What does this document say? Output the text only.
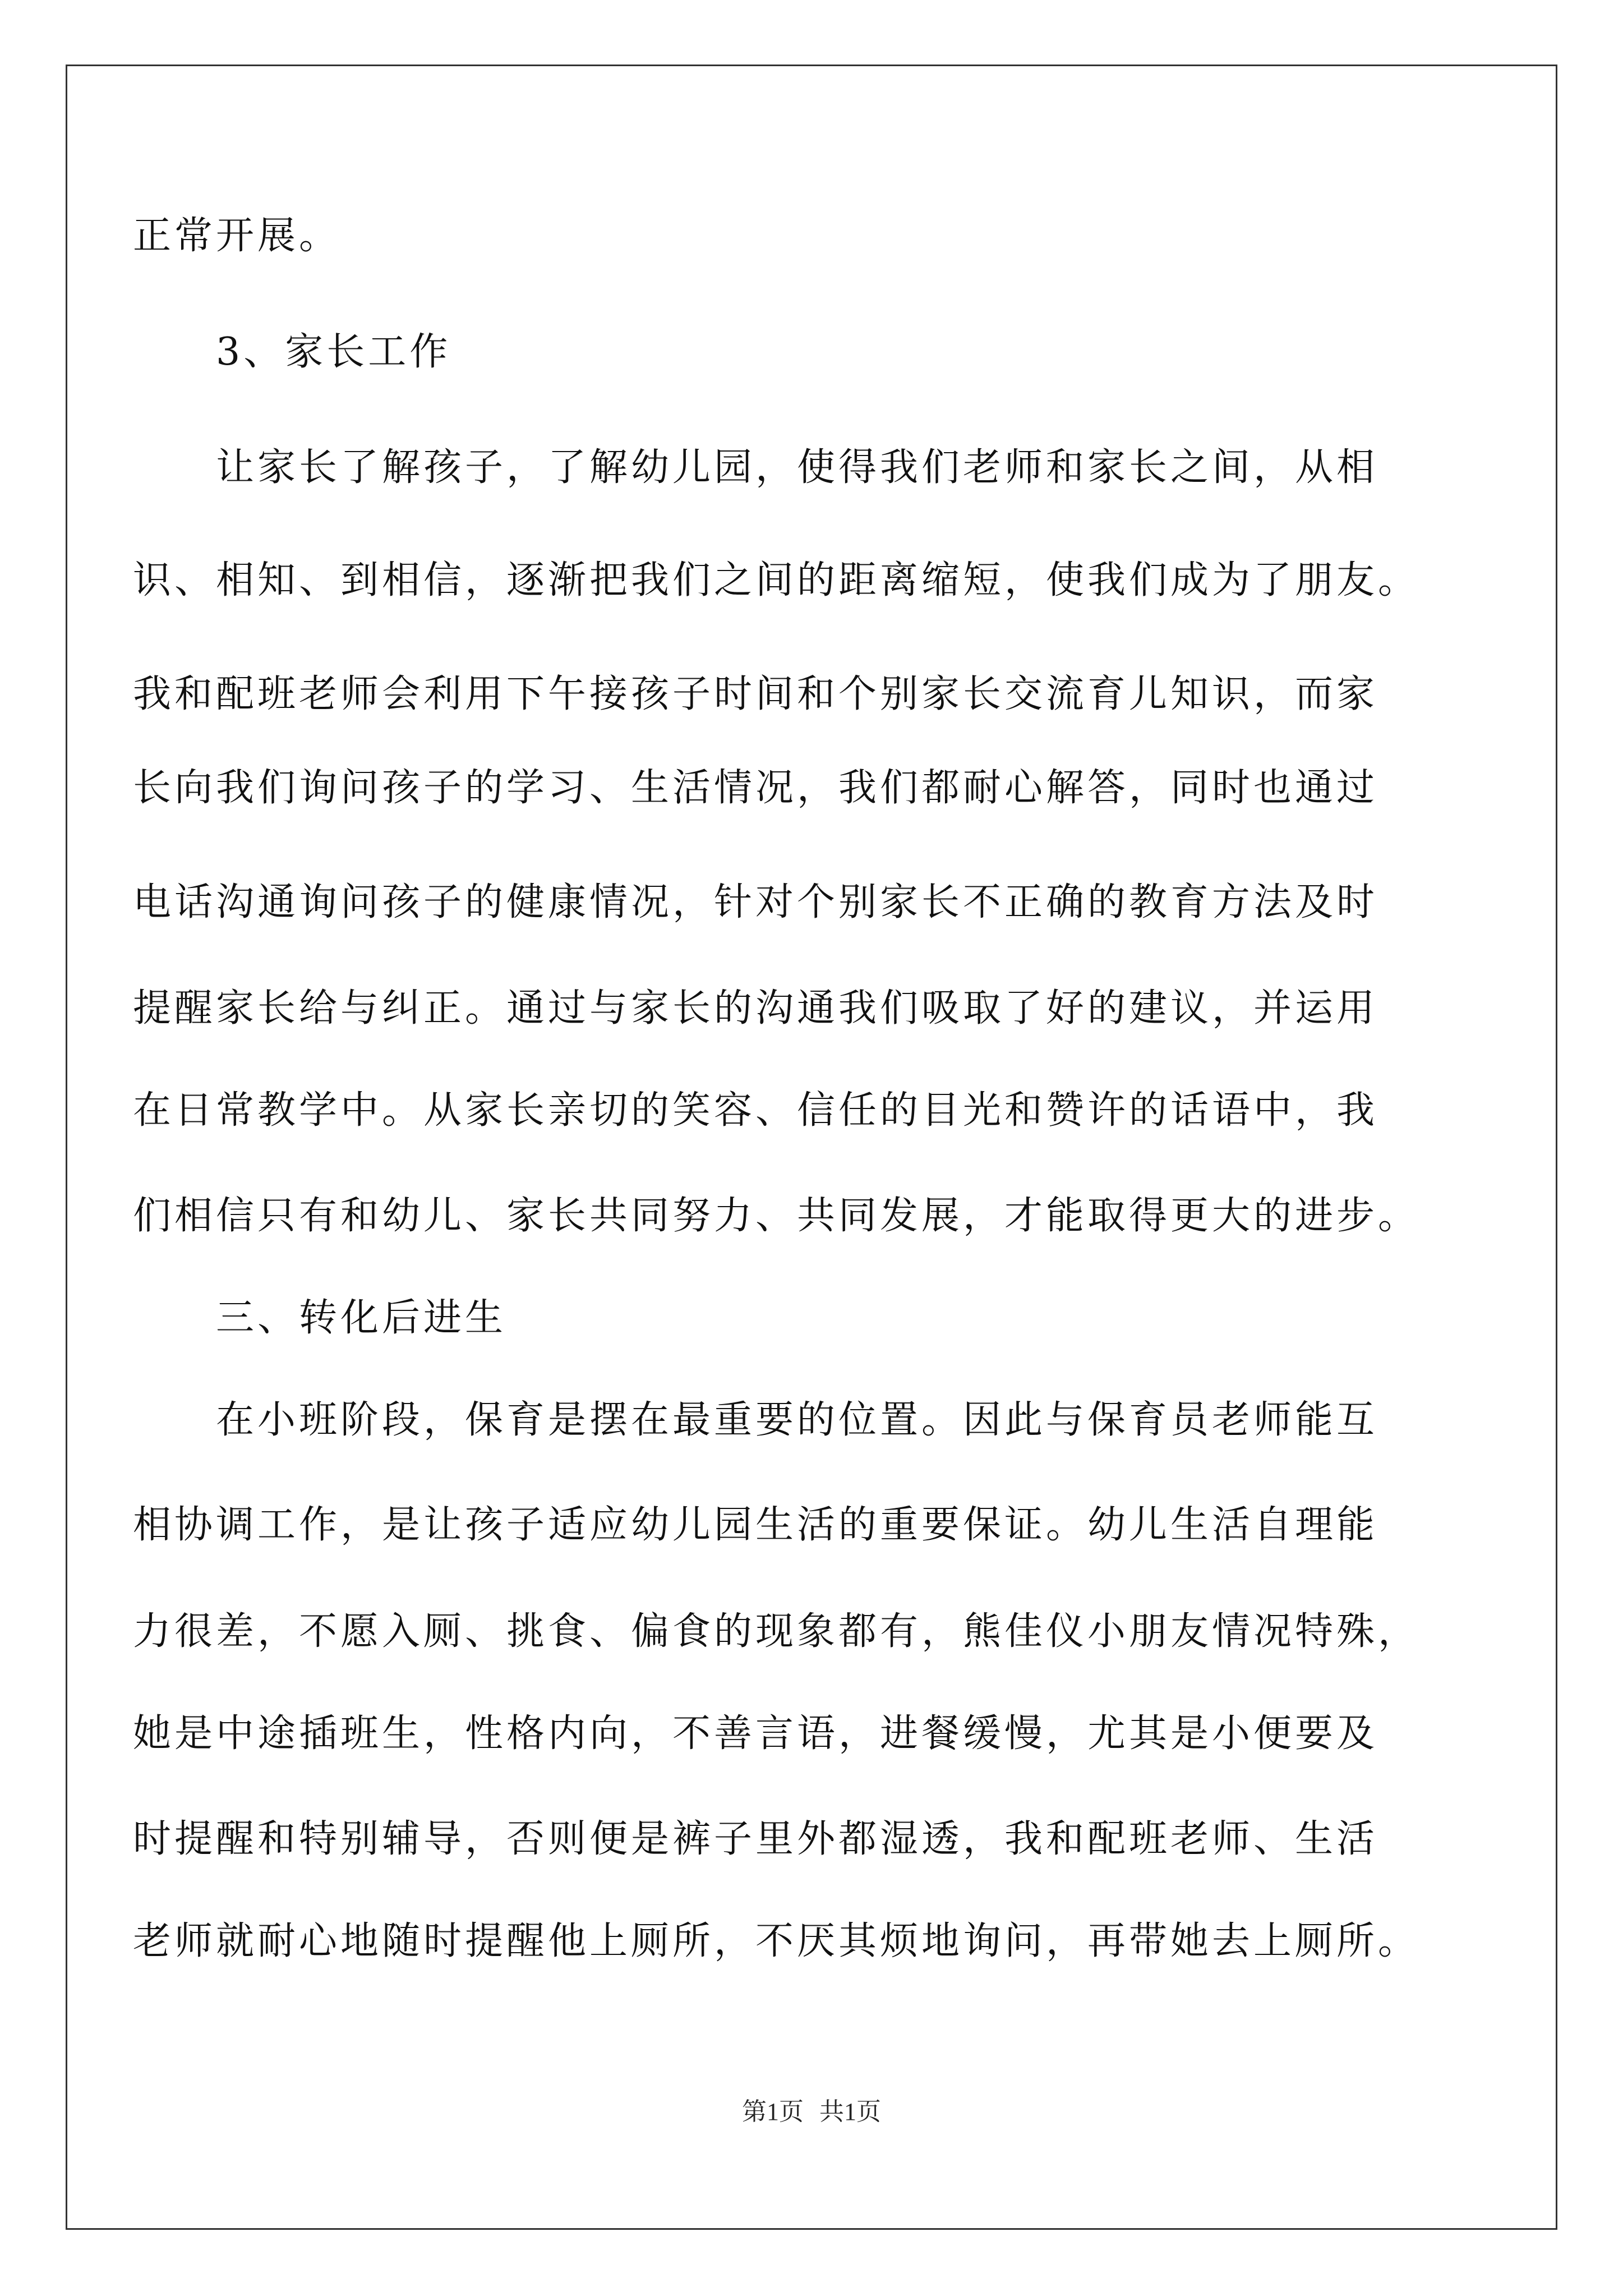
正常开展。
　　3、家长工作
　　让家长了解孩子，了解幼儿园，使得我们老师和家长之间，从相
识、相知、到相信，逐渐把我们之间的距离缩短，使我们成为了朋友。
我和配班老师会利用下午接孩子时间和个别家长交流育儿知识，而家
长向我们询问孩子的学习、生活情况，我们都耐心解答，同时也通过
电话沟通询问孩子的健康情况，针对个别家长不正确的教育方法及时
提醒家长给与纠正。通过与家长的沟通我们吸取了好的建议，并运用
在日常教学中。从家长亲切的笑容、信任的目光和赞许的话语中，我
们相信只有和幼儿、家长共同努力、共同发展，才能取得更大的进步。
　　三、转化后进生
　　在小班阶段，保育是摆在最重要的位置。因此与保育员老师能互
相协调工作，是让孩子适应幼儿园生活的重要保证。幼儿生活自理能
力很差，不愿入厕、挑食、偏食的现象都有，熊佳仪小朋友情况特殊，
她是中途插班生，性格内向，不善言语，进餐缓慢，尤其是小便要及
时提醒和特别辅导，否则便是裤子里外都湿透，我和配班老师、生活
老师就耐心地随时提醒他上厕所，不厌其烦地询问，再带她去上厕所。
第1页 共1页
